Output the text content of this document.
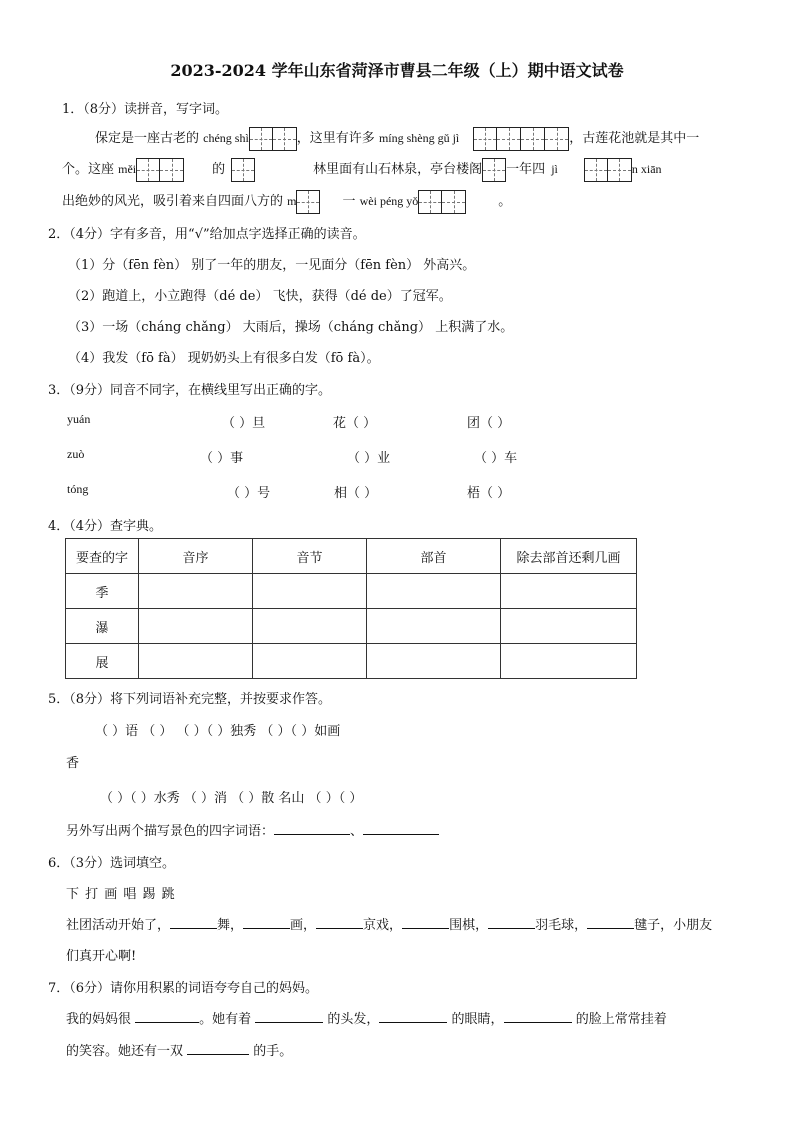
2023-2024 学年山东省菏泽市曹县二年级（上）期中语文试卷
1．（8分）读拼音，写字词。
保定是一座古老的 chéng shì	，这里有许多 míng shèng gǔ jì	，古莲花池就是其中一
个。这座 měi	的	林里面有山石林泉，亭台楼阁 一年四 jì	n xiān
出绝妙的风光，吸引着来自四面八方的 m	一 wèi péng yǒ	。
2．（4分）字有多音，用“√”给加点字选择正确的读音。
（1）分（fēn fèn） 别了一年的朋友，一见面分（fēn fèn） 外高兴。
（2）跑道上，小立跑得（dé de） 飞快，获得（dé de）了冠军。
（3）一场（cháng chǎng） 大雨后，操场（cháng chǎng） 上积满了水。
（4）我发（fō fà） 现奶奶头上有很多白发（fō fà）。
3．（9分）同音不同字，在横线里写出正确的字。
yuán	（ ）旦	花（ ）	团（ ）
zuò	（ ）事	（ ）业	（ ）车
tóng	（ ）号	相（ ）	梧（ ）
4．（4分）查字典。
要查的字	音序	音节	部首	除去部首还剩几画
季				
瀑				
展				
5．（8分）将下列词语补充完整，并按要求作答。
（ ）语 （ ） （ ）（ ）独秀 （ ）（ ）如画
香
（ ）（ ）水秀 （ ）消 （ ）散 名山 （ ）（ ）
另外写出两个描写景色的四字词语：	、
6．（3分）选词填空。
下 打 画 唱 踢 跳
社团活动开始了，	舞，	画，	京戏，	围棋，	羽毛球，	毽子，小朋友
们真开心啊!
7．（6分）请你用积累的词语夸夸自己的妈妈。
我的妈妈很	。她有着	的头发，	的眼睛，	的脸上常常挂着
的笑容。她还有一双	的手。
